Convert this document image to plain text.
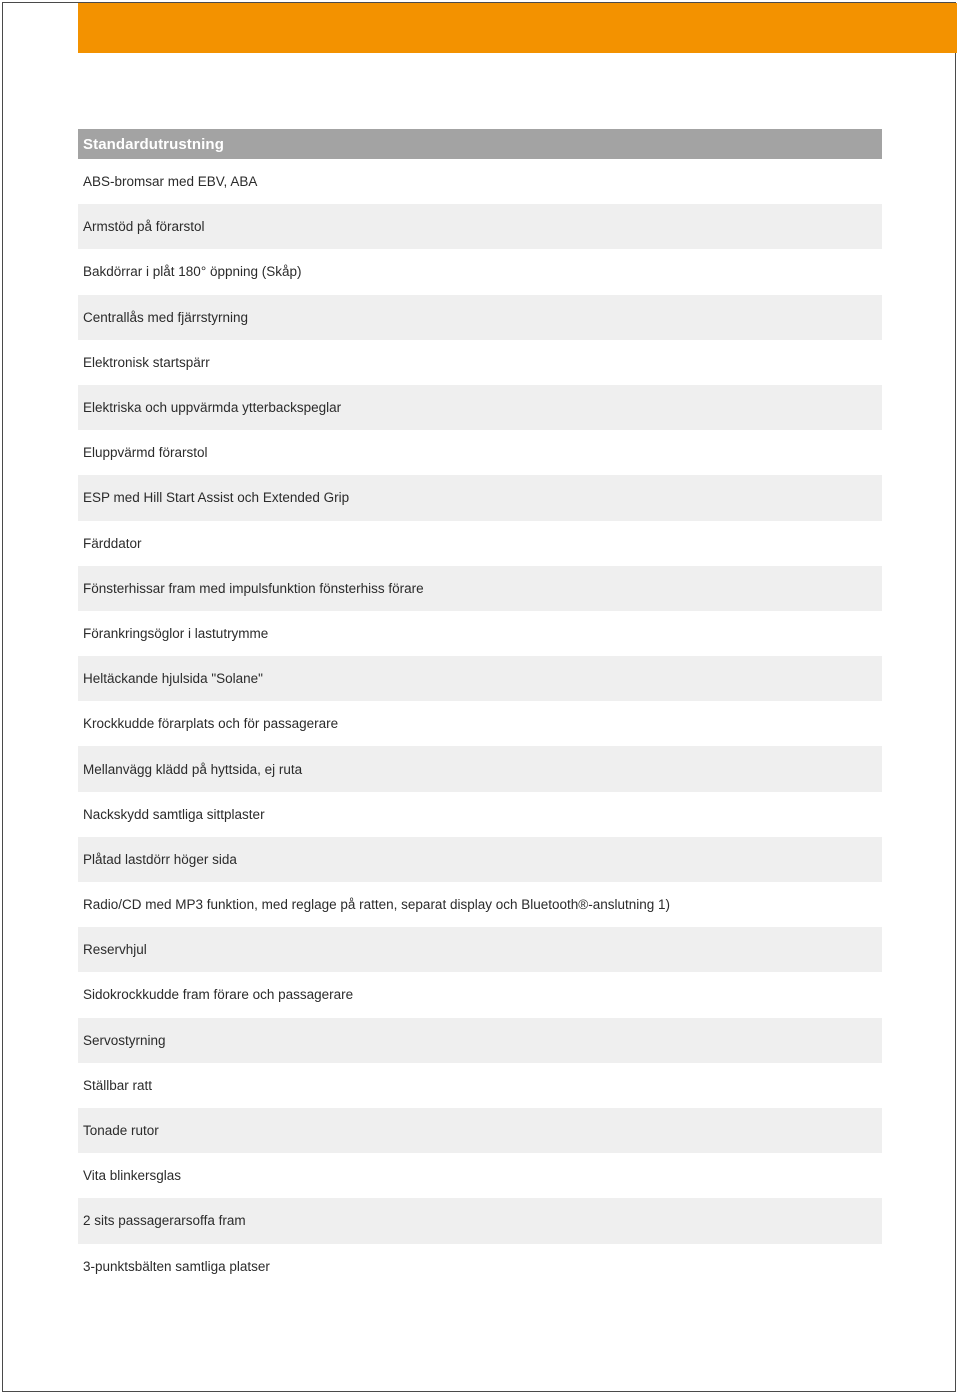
Standardutrustning
ABS-bromsar med EBV, ABA
Armstöd på förarstol
Bakdörrar i plåt 180° öppning (Skåp)
Centrallås med fjärrstyrning
Elektronisk startspärr
Elektriska och uppvärmda ytterbackspeglar
Eluppvärmd förarstol
ESP med Hill Start Assist och Extended Grip
Färddator
Fönsterhissar fram med impulsfunktion fönsterhiss förare
Förankringsöglor i lastutrymme
Heltäckande hjulsida "Solane"
Krockkudde förarplats och för passagerare
Mellanvägg klädd på hyttsida, ej ruta
Nackskydd samtliga sittplaster
Plåtad lastdörr höger sida
Radio/CD med MP3 funktion, med reglage på ratten, separat display och Bluetooth®-anslutning 1)
Reservhjul
Sidokrockkudde fram förare och passagerare
Servostyrning
Ställbar ratt
Tonade rutor
Vita blinkersglas
2 sits passagerarsoffa fram
3-punktsbälten samtliga platser
